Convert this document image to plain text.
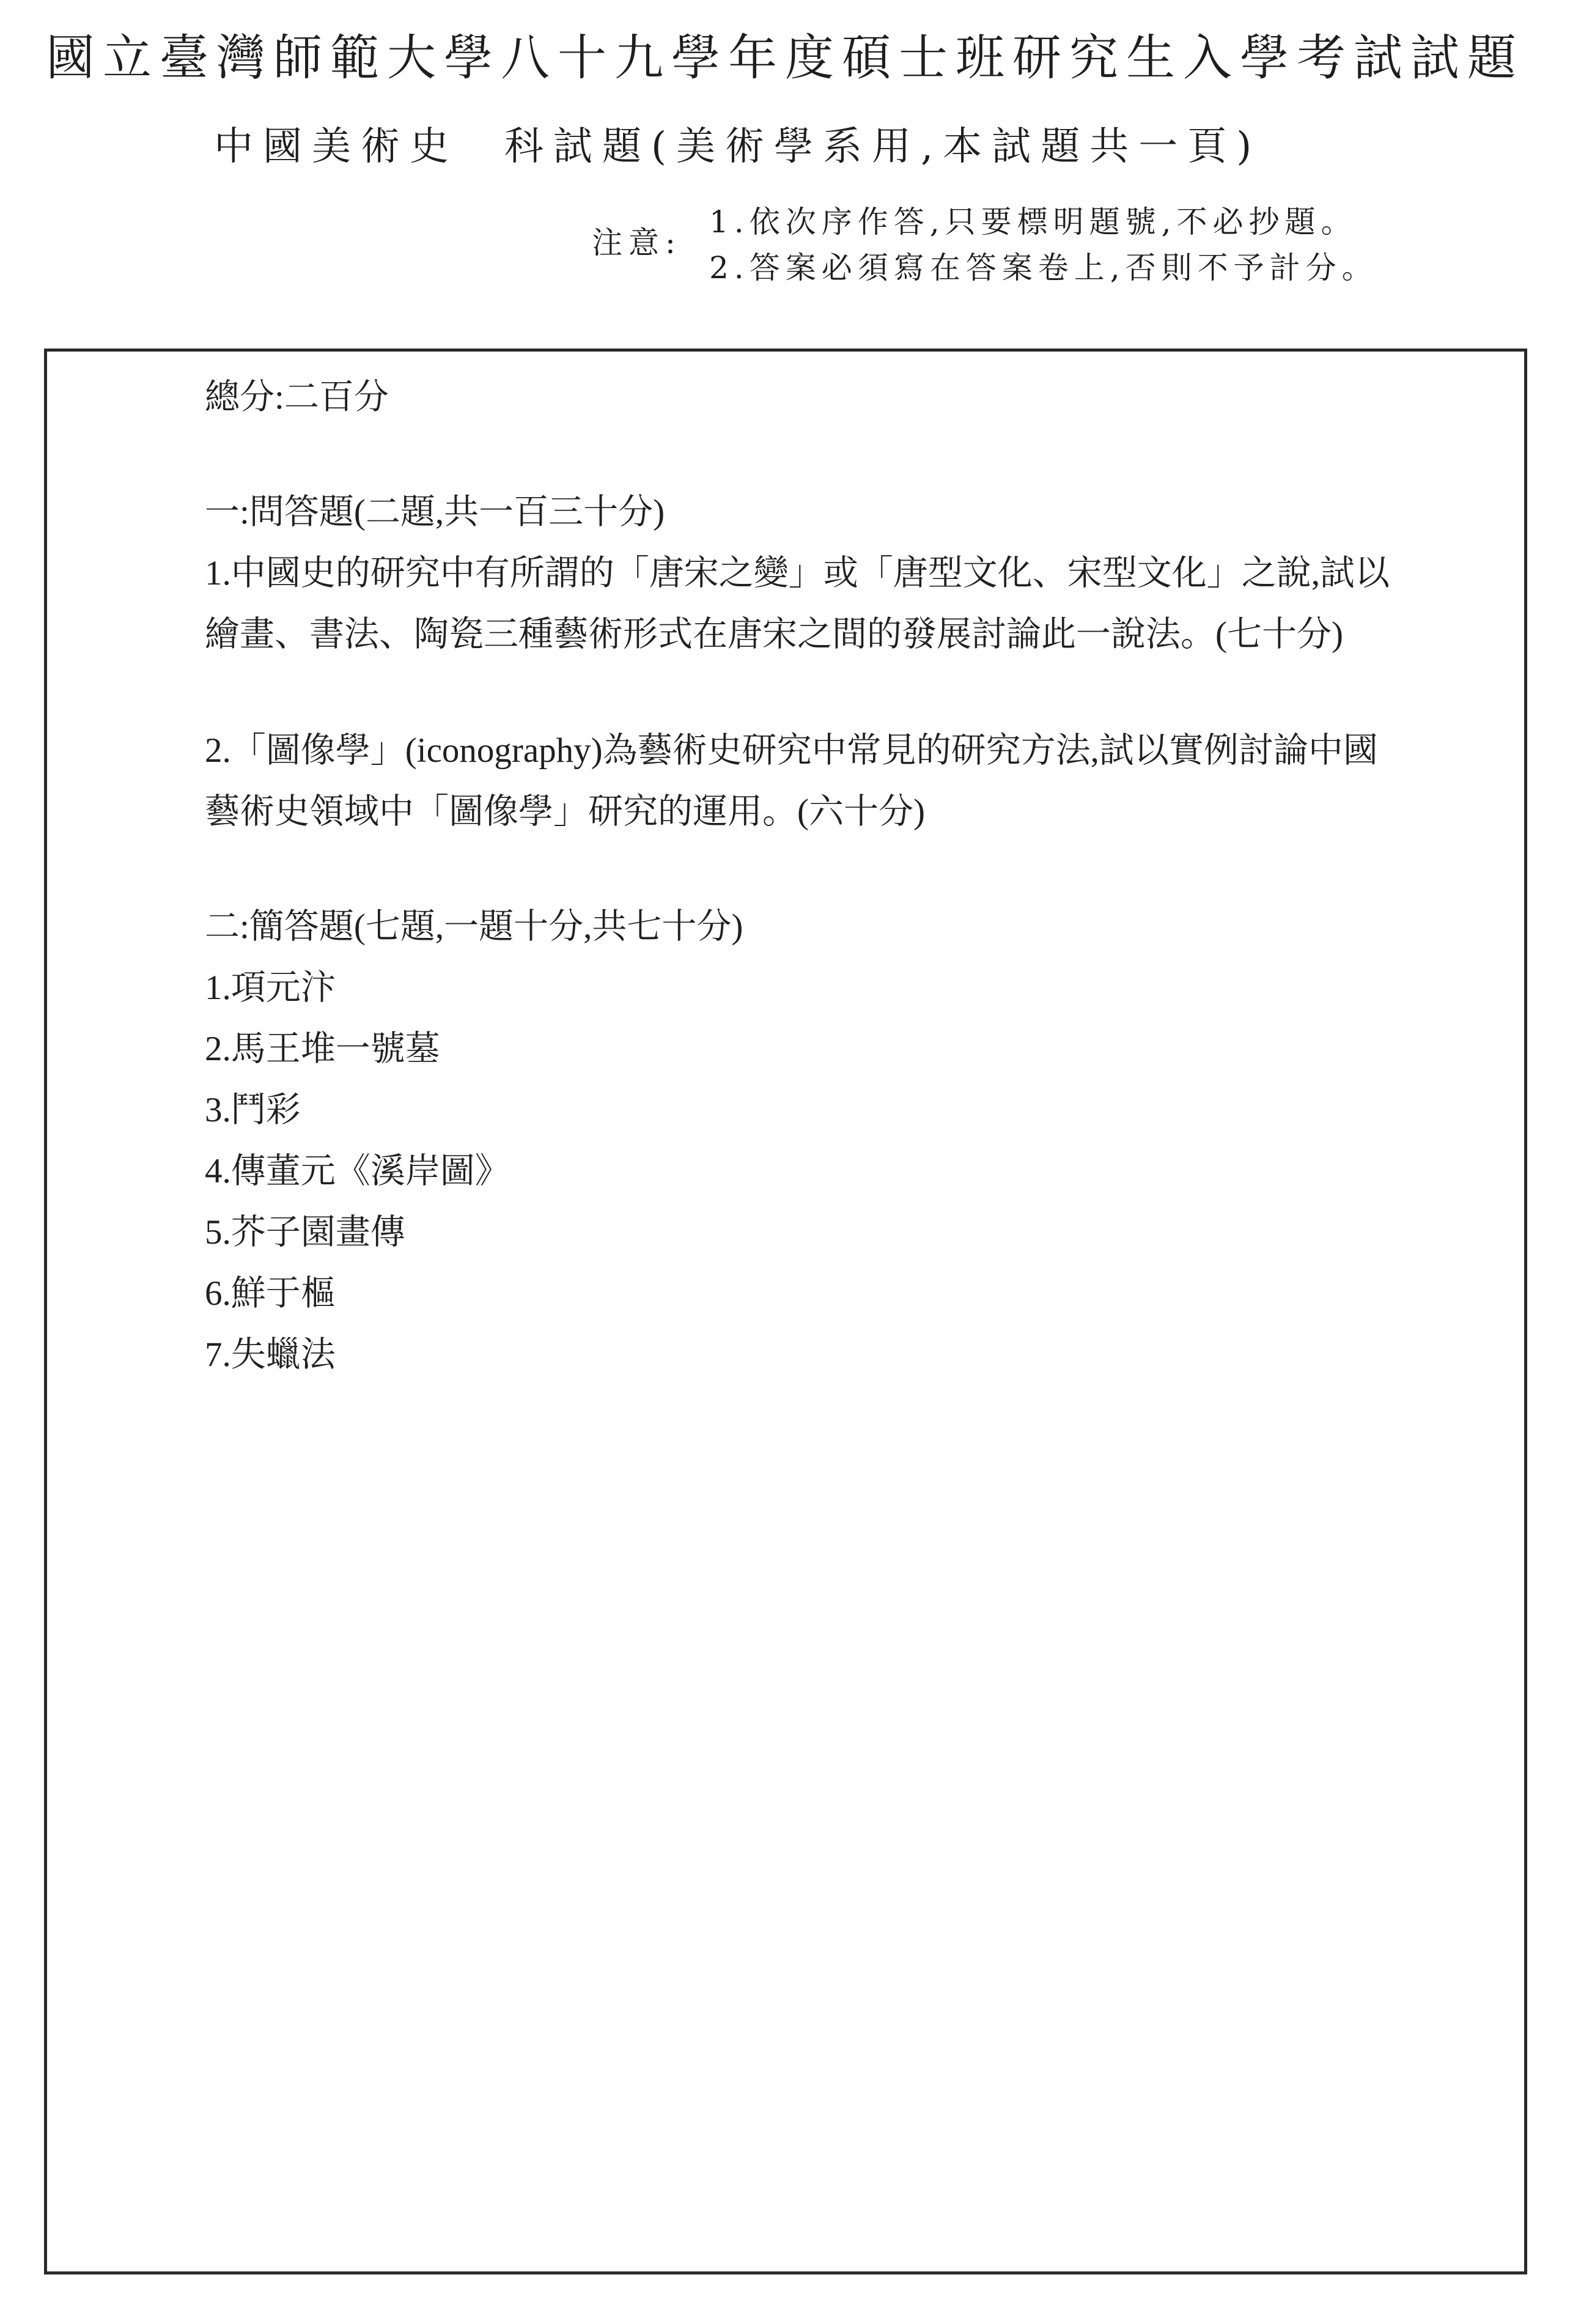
國立臺灣師範大學八十九學年度碩士班研究生入學考試試題
中國美術史 科試題(美術學系用,本試題共一頁)
注意:
1.依次序作答,只要標明題號,不必抄題。
2.答案必須寫在答案卷上,否則不予計分。
總分:二百分
一:問答題(二題,共一百三十分)
1.中國史的研究中有所謂的「唐宋之變」或「唐型文化、宋型文化」之說,試以繪畫、書法、陶瓷三種藝術形式在唐宋之間的發展討論此一說法。(七十分)
2.「圖像學」(iconography)為藝術史研究中常見的研究方法,試以實例討論中國藝術史領域中「圖像學」研究的運用。(六十分)
二:簡答題(七題,一題十分,共七十分)
1.項元汴
2.馬王堆一號墓
3.鬥彩
4.傳董元《溪岸圖》
5.芥子園畫傳
6.鮮于樞
7.失蠟法
